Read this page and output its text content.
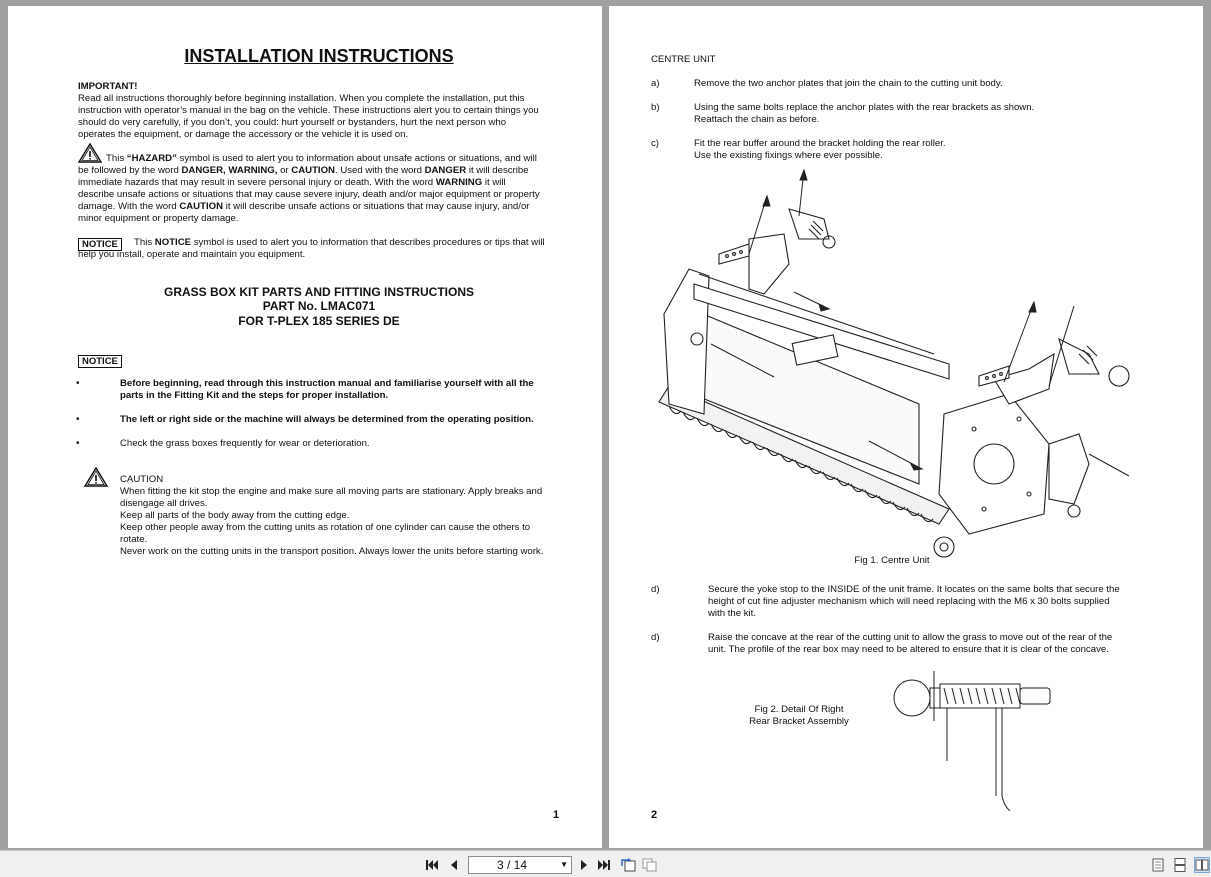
INSTALLATION INSTRUCTIONS
IMPORTANT!
Read all instructions thoroughly before beginning installation. When you complete the installation, put this
instruction with operator’s manual in the bag on the vehicle. These instructions alert you to certain things you
should do very carefully, if you don’t, you could: hurt yourself or bystanders, hurt the next person who
operates the equipment, or damage the accessory or the vehicle it is used on.
This “HAZARD” symbol is used to alert you to information about unsafe actions or situations, and will
be followed by the word DANGER, WARNING, or CAUTION. Used with the word DANGER it will describe
immediate hazards that may result in severe personal injury or death. With the word WARNING it will
describe unsafe actions or situations that may cause severe injury, death and/or major equipment or property
damage. With the word CAUTION it will describe unsafe actions or situations that may cause injury, and/or
minor equipment or property damage.
NOTICE	This NOTICE symbol is used to alert you to information that describes procedures or tips that will
help you install, operate and maintain you equipment.
GRASS BOX KIT PARTS AND FITTING INSTRUCTIONS
PART No. LMAC071
FOR T-PLEX 185 SERIES DE
NOTICE
•	Before beginning, read through this instruction manual and familiarise yourself with all the
parts in the Fitting Kit and the steps for proper installation.
•	The left or right side or the machine will always be determined from the operating position.
•	Check the grass boxes frequently for wear or deterioration.
CAUTION
When fitting the kit stop the engine and make sure all moving parts are stationary. Apply breaks and
disengage all drives.
Keep all parts of the body away from the cutting edge.
Keep other people away from the cutting units as rotation of one cylinder can cause the others to
rotate.
Never work on the cutting units in the transport position. Always lower the units before starting work.
1
CENTRE UNIT
a)	Remove the two anchor plates that join the chain to the cutting unit body.
b)	Using the same bolts replace the anchor plates with the rear brackets as shown.
Reattach the chain as before.
c)	Fit the rear buffer around the bracket holding the rear roller.
Use the existing fixings where ever possible.
Fig 1. Centre Unit
d)	Secure the yoke stop to the INSIDE of the unit frame. It locates on the same bolts that secure the
height of cut fine adjuster mechanism which will need replacing with the M6 x 30 bolts supplied
with the kit.
d)	Raise the concave at the rear of the cutting unit to allow the grass to move out of the rear of the
unit. The profile of the rear box may need to be altered to ensure that it is clear of the concave.
Fig 2. Detail Of Right
Rear Bracket Assembly
2
3 / 14	▼
